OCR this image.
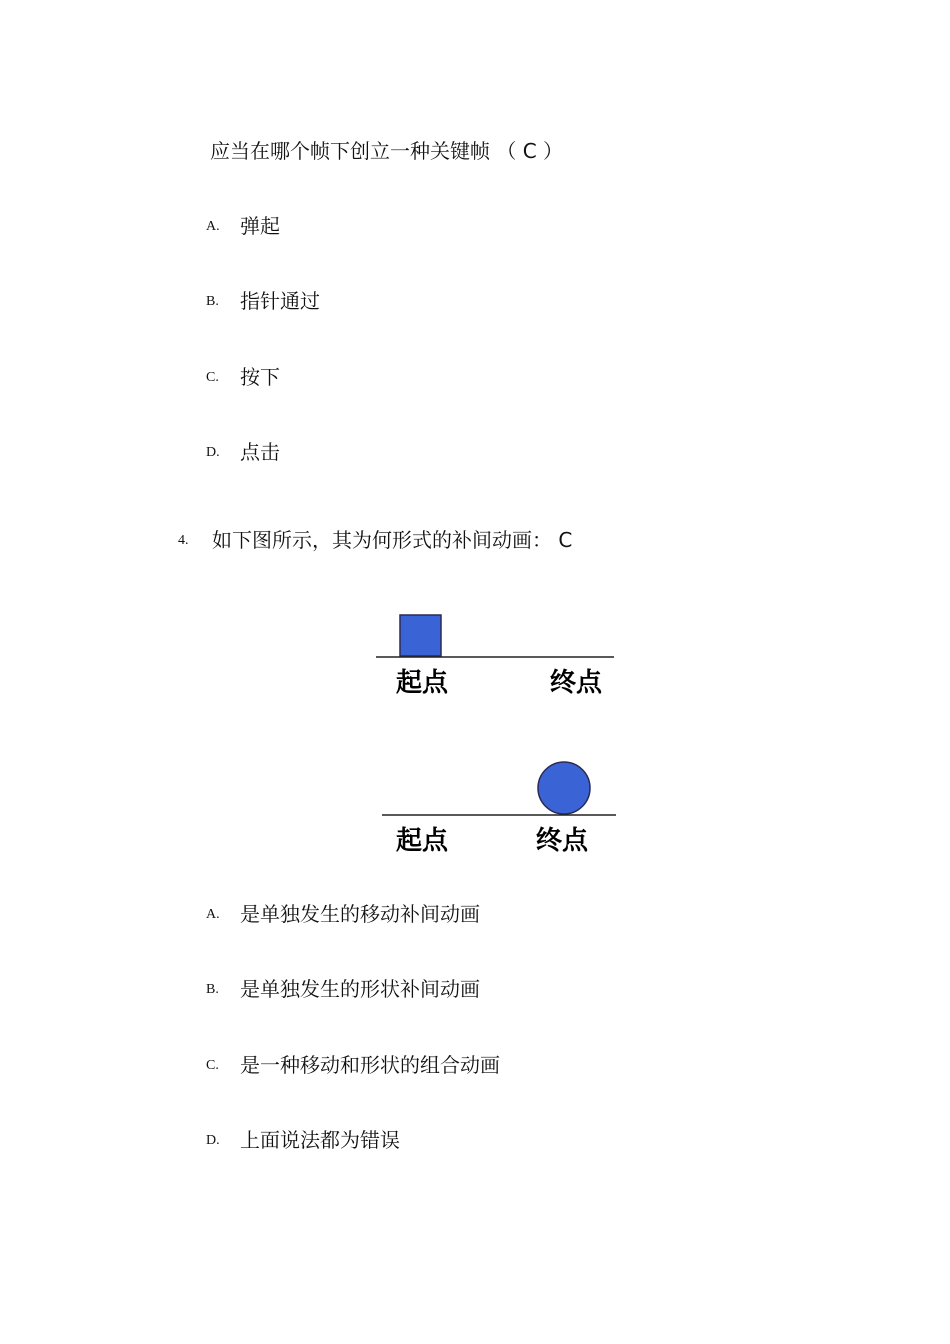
应当在哪个帧下创立一种关键帧 （ C ）
A. 弹起
B. 指针通过
C. 按下
D. 点击
4. 如下图所示，其为何形式的补间动画： C
起点	终点
起点	终点
A. 是单独发生的移动补间动画
B. 是单独发生的形状补间动画
C. 是一种移动和形状的组合动画
D. 上面说法都为错误
